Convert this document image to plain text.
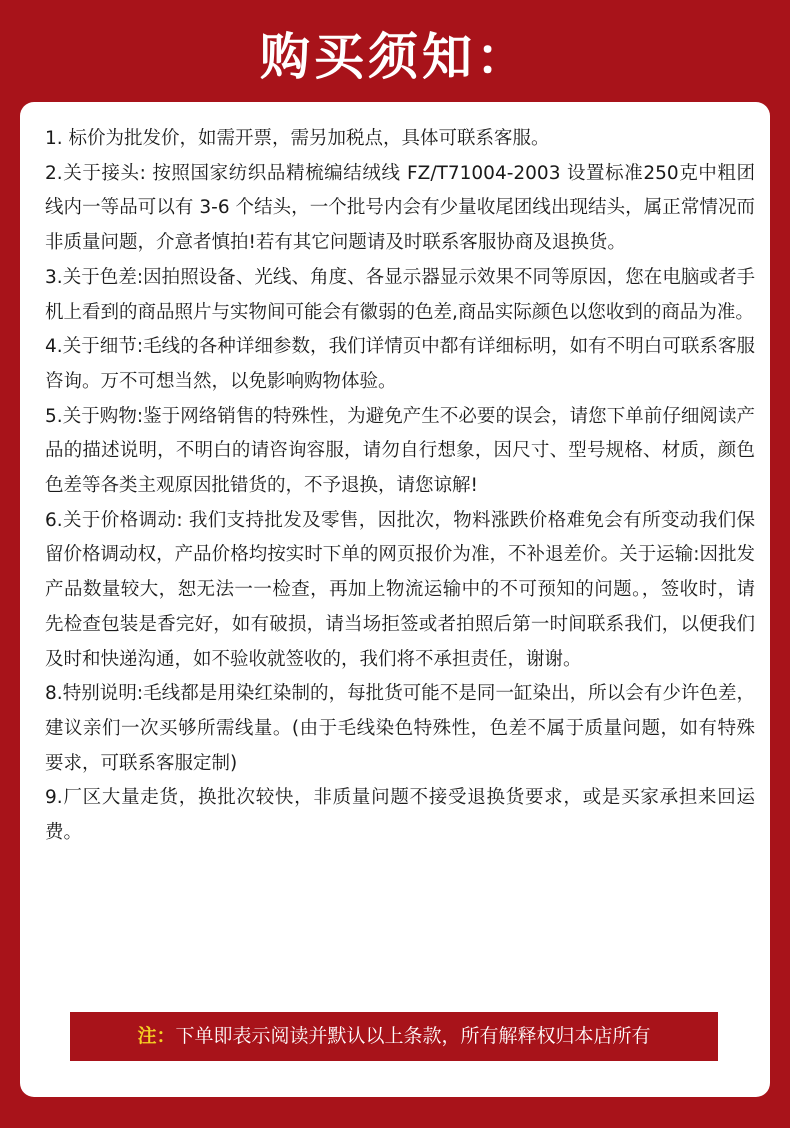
购买须知：

1. 标价为批发价，如需开票，需另加税点，具体可联系客服。

2.关于接头: 按照国家纺织品精梳编结绒线 FZ/T71004-2003 设置标准250克中粗团线内一等品可以有 3-6 个结头，一个批号内会有少量收尾团线出现结头，属正常情况而非质量问题，介意者慎拍!若有其它问题请及时联系客服协商及退换货。

3.关于色差:因拍照设备、光线、角度、各显示器显示效果不同等原因，您在电脑或者手机上看到的商品照片与实物间可能会有徽弱的色差,商品实际颜色以您收到的商品为准。

4.关于细节:毛线的各种详细参数，我们详情页中都有详细标明，如有不明白可联系客服咨询。万不可想当然，以免影响购物体验。

5.关于购物:鉴于网络销售的特殊性，为避免产生不必要的误会，请您下单前仔细阅读产品的描述说明，不明白的请咨询容服，请勿自行想象，因尺寸、型号规格、材质，颜色色差等各类主观原因批错货的，不予退换，请您谅解!

6.关于价格调动: 我们支持批发及零售，因批次，物料涨跌价格难免会有所变动我们保留价格调动权，产品价格均按实时下单的网页报价为准，不补退差价。关于运输:因批发产品数量较大，恕无法一一检查，再加上物流运输中的不可预知的问题。，签收时，请先检查包装是香完好，如有破损，请当场拒签或者拍照后第一时间联系我们，以便我们及时和快递沟通，如不验收就签收的，我们将不承担责任，谢谢。

8.特别说明:毛线都是用染红染制的，每批货可能不是同一缸染出，所以会有少许色差，建议亲们一次买够所需线量。(由于毛线染色特殊性，色差不属于质量问题，如有特殊要求，可联系客服定制)

9.厂区大量走货，换批次较快，非质量问题不接受退换货要求，或是买家承担来回运费。

注：下单即表示阅读并默认以上条款，所有解释权归本店所有
